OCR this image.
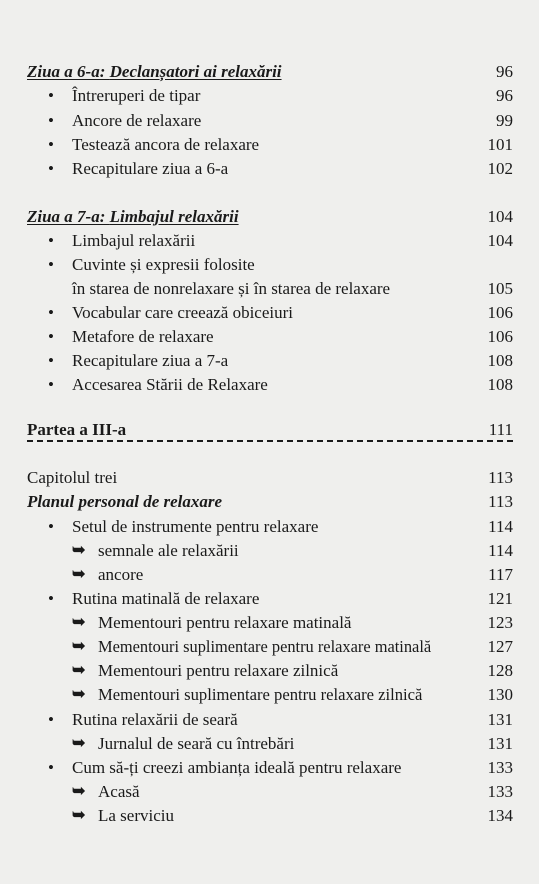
Ziua a 6-a: Declanșatori ai relaxării	96
• Întreruperi de tipar	96
• Ancore de relaxare	99
• Testează ancora de relaxare	101
• Recapitulare ziua a 6-a	102
Ziua a 7-a: Limbajul relaxării	104
• Limbajul relaxării	104
• Cuvinte și expresii folosite
în starea de nonrelaxare și în starea de relaxare	105
• Vocabular care creează obiceiuri	106
• Metafore de relaxare	106
• Recapitulare ziua a 7-a	108
• Accesarea Stării de Relaxare	108
Partea a III-a	111
Capitolul trei	113
Planul personal de relaxare	113
• Setul de instrumente pentru relaxare	114
➥ semnale ale relaxării	114
➥ ancore	117
• Rutina matinală de relaxare	121
➥ Mementouri pentru relaxare matinală	123
➥ Mementouri suplimentare pentru relaxare matinală	127
➥ Mementouri pentru relaxare zilnică	128
➥ Mementouri suplimentare pentru relaxare zilnică	130
• Rutina relaxării de seară	131
➥ Jurnalul de seară cu întrebări	131
• Cum să-ți creezi ambianța ideală pentru relaxare	133
➥ Acasă	133
➥ La serviciu	134
